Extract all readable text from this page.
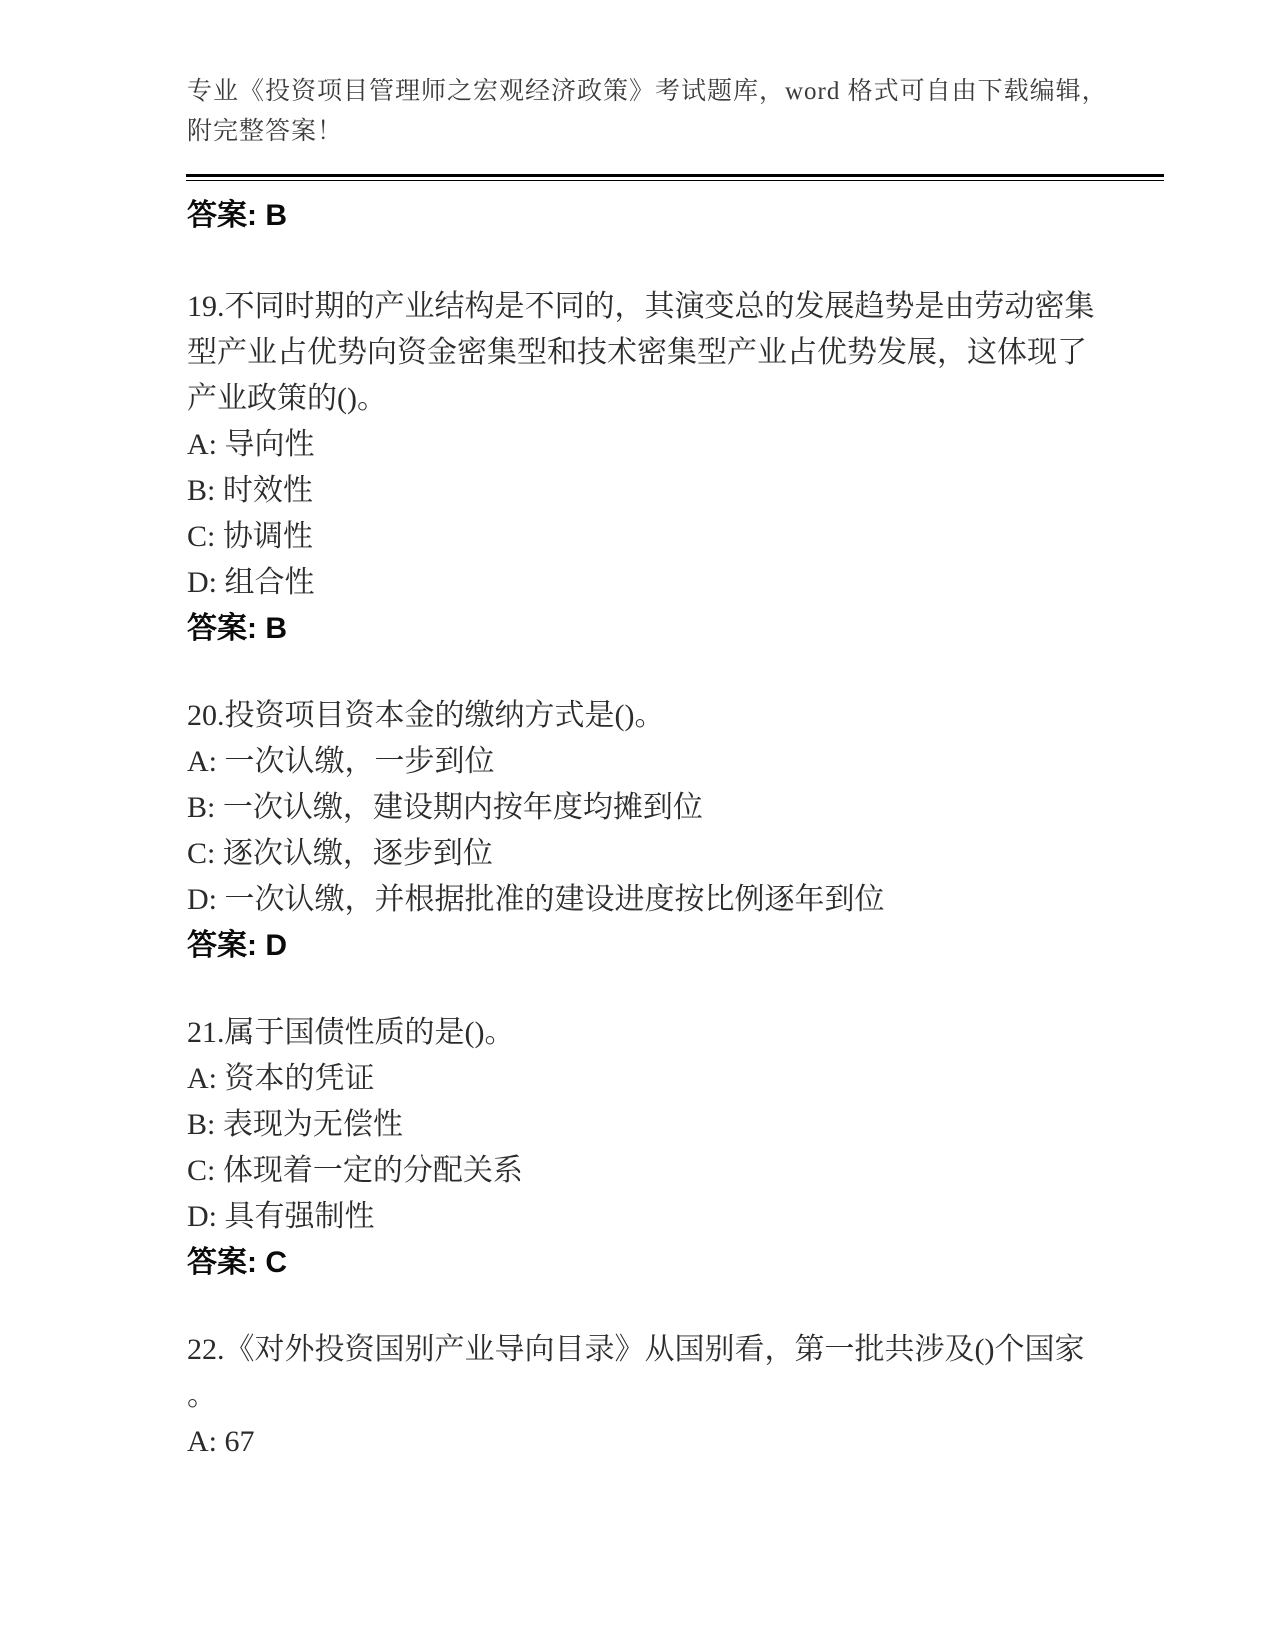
专业《投资项目管理师之宏观经济政策》考试题库，word 格式可自由下载编辑，
附完整答案！
答案: B
19.不同时期的产业结构是不同的，其演变总的发展趋势是由劳动密集
型产业占优势向资金密集型和技术密集型产业占优势发展，这体现了
产业政策的()。
A: 导向性
B: 时效性
C: 协调性
D: 组合性
答案: B
20.投资项目资本金的缴纳方式是()。
A: 一次认缴，一步到位
B: 一次认缴，建设期内按年度均摊到位
C: 逐次认缴，逐步到位
D: 一次认缴，并根据批准的建设进度按比例逐年到位
答案: D
21.属于国债性质的是()。
A: 资本的凭证
B: 表现为无偿性
C: 体现着一定的分配关系
D: 具有强制性
答案: C
22.《对外投资国别产业导向目录》从国别看，第一批共涉及()个国家
。
A: 67
